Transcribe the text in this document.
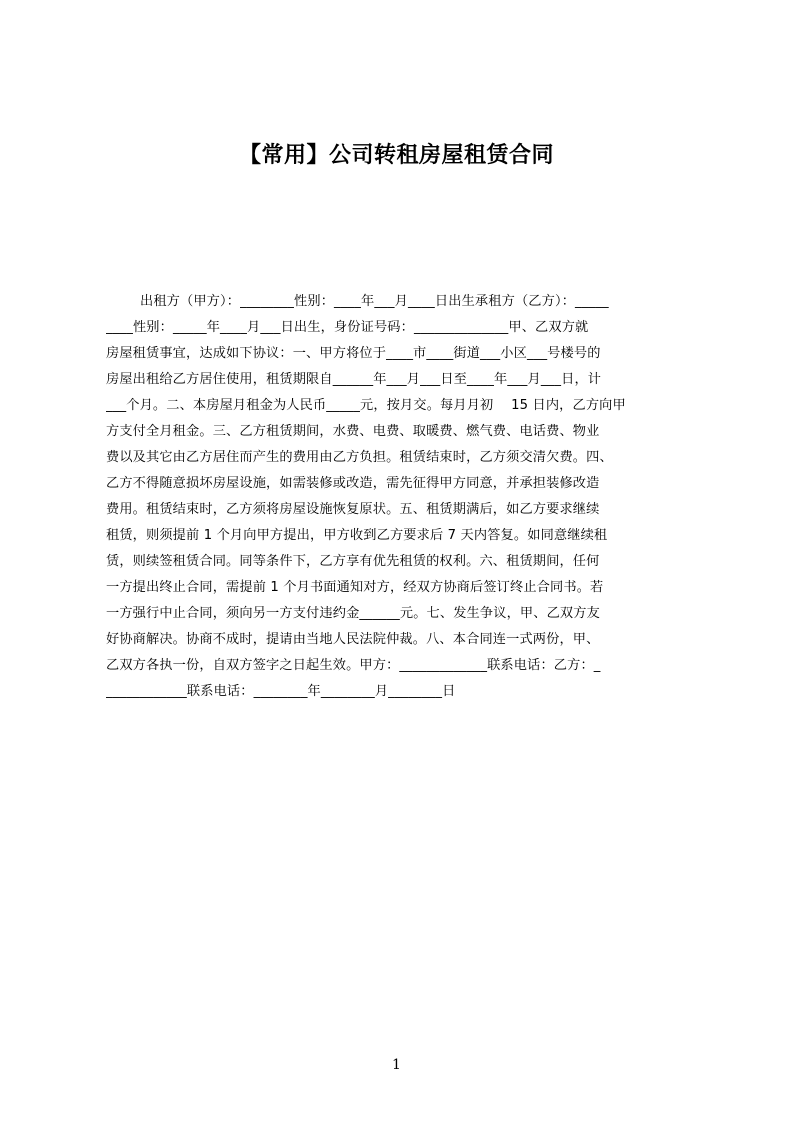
【常用】公司转租房屋租赁合同
出租方（甲方）：________性别：____年___月____日出生承租方（乙方）：_____
____性别：_____年____月___日出生，身份证号码：______________甲、乙双方就
房屋租赁事宜，达成如下协议：一、甲方将位于____市____街道___小区___号楼号的
房屋出租给乙方居住使用，租赁期限自______年___月___日至____年___月___日，计
___个月。二、本房屋月租金为人民币_____元，按月交。每月月初　 15 日内，乙方向甲
方支付全月租金。三、乙方租赁期间，水费、电费、取暖费、燃气费、电话费、物业
费以及其它由乙方居住而产生的费用由乙方负担。租赁结束时，乙方须交清欠费。四、
乙方不得随意损坏房屋设施，如需装修或改造，需先征得甲方同意，并承担装修改造
费用。租赁结束时，乙方须将房屋设施恢复原状。五、租赁期满后，如乙方要求继续
租赁，则须提前 1 个月向甲方提出，甲方收到乙方要求后 7 天内答复。如同意继续租
赁，则续签租赁合同。同等条件下，乙方享有优先租赁的权利。六、租赁期间，任何
一方提出终止合同，需提前 1 个月书面通知对方，经双方协商后签订终止合同书。若
一方强行中止合同，须向另一方支付违约金______元。七、发生争议，甲、乙双方友
好协商解决。协商不成时，提请由当地人民法院仲裁。八、本合同连一式两份，甲、
乙双方各执一份，自双方签字之日起生效。甲方：_____________联系电话：乙方：_
____________联系电话：________年________月________日
1
